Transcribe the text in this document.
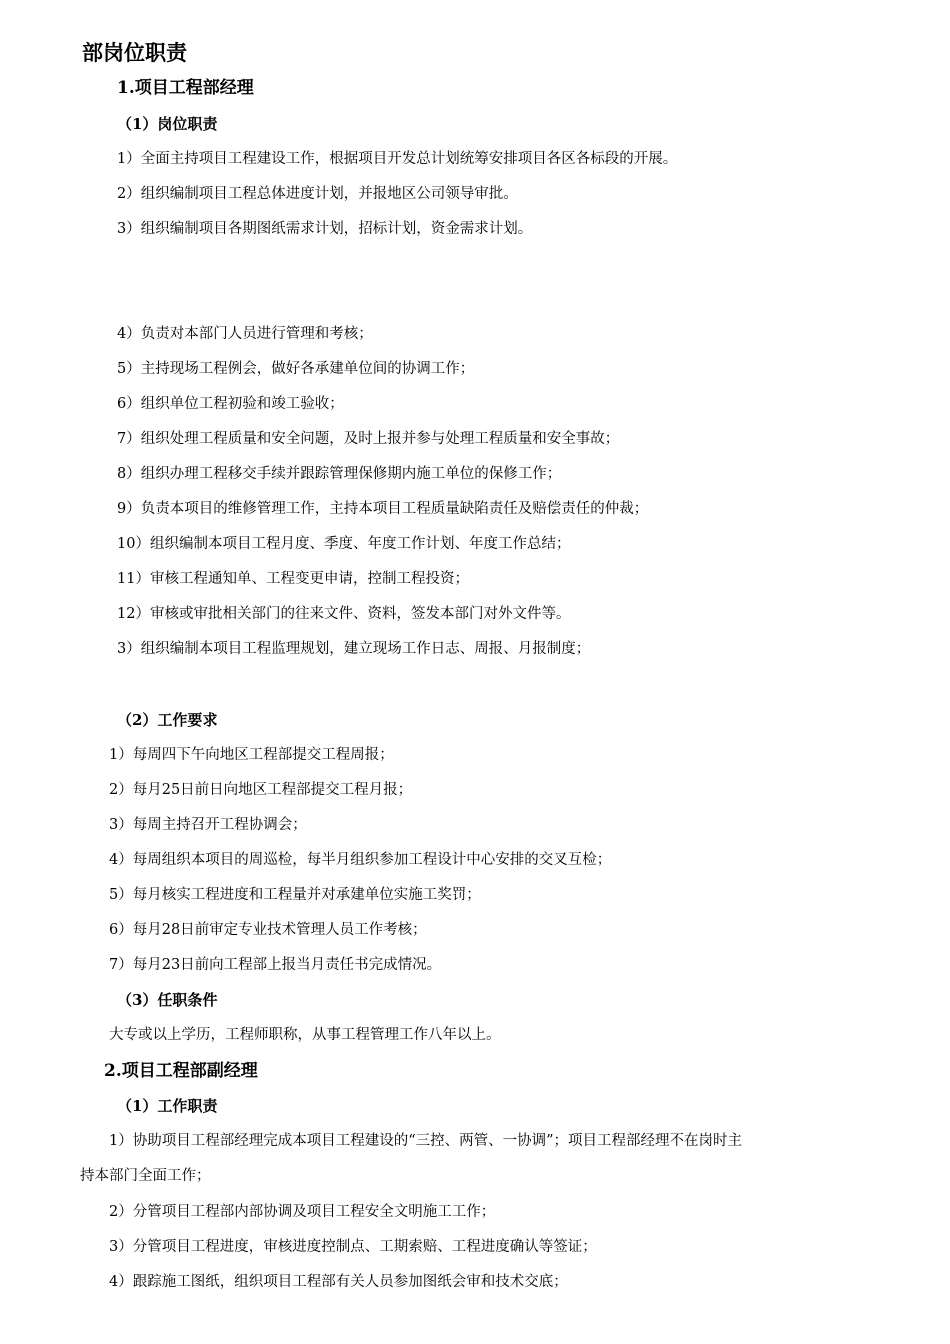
部岗位职责
1.项目工程部经理
（1）岗位职责
1）全面主持项目工程建设工作，根据项目开发总计划统筹安排项目各区各标段的开展。
2）组织编制项目工程总体进度计划，并报地区公司领导审批。
3）组织编制项目各期图纸需求计划，招标计划，资金需求计划。
4）负责对本部门人员进行管理和考核；
5）主持现场工程例会，做好各承建单位间的协调工作；
6）组织单位工程初验和竣工验收；
7）组织处理工程质量和安全问题，及时上报并参与处理工程质量和安全事故；
8）组织办理工程移交手续并跟踪管理保修期内施工单位的保修工作；
9）负责本项目的维修管理工作，主持本项目工程质量缺陷责任及赔偿责任的仲裁；
10）组织编制本项目工程月度、季度、年度工作计划、年度工作总结；
11）审核工程通知单、工程变更申请，控制工程投资；
12）审核或审批相关部门的往来文件、资料，签发本部门对外文件等。
3）组织编制本项目工程监理规划，建立现场工作日志、周报、月报制度；
（2）工作要求
1）每周四下午向地区工程部提交工程周报；
2）每月25日前日向地区工程部提交工程月报；
3）每周主持召开工程协调会；
4）每周组织本项目的周巡检，每半月组织参加工程设计中心安排的交叉互检；
5）每月核实工程进度和工程量并对承建单位实施工奖罚；
6）每月28日前审定专业技术管理人员工作考核；
7）每月23日前向工程部上报当月责任书完成情况。
（3）任职条件
大专或以上学历，工程师职称，从事工程管理工作八年以上。
2.项目工程部副经理
（1）工作职责
1）协助项目工程部经理完成本项目工程建设的“三控、两管、一协调”；项目工程部经理不在岗时主
持本部门全面工作；
2）分管项目工程部内部协调及项目工程安全文明施工工作；
3）分管项目工程进度，审核进度控制点、工期索赔、工程进度确认等签证；
4）跟踪施工图纸，组织项目工程部有关人员参加图纸会审和技术交底；
